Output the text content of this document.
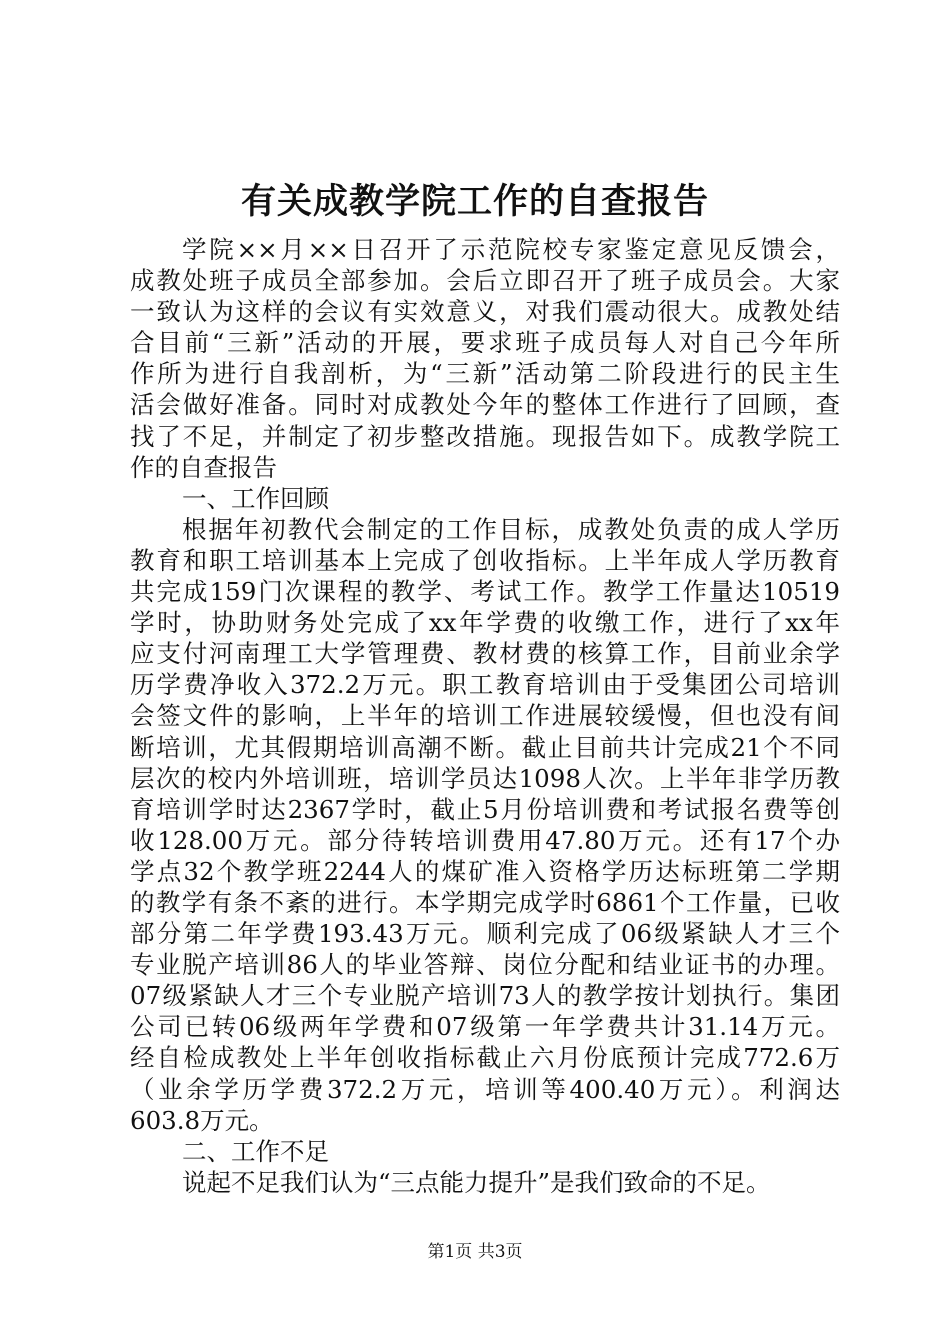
有关成教学院工作的自查报告
学院××月××日召开了示范院校专家鉴定意见反馈会，
成教处班子成员全部参加。会后立即召开了班子成员会。大家
一致认为这样的会议有实效意义，对我们震动很大。成教处结
合目前“三新”活动的开展，要求班子成员每人对自己今年所
作所为进行自我剖析，为“三新”活动第二阶段进行的民主生
活会做好准备。同时对成教处今年的整体工作进行了回顾，查
找了不足，并制定了初步整改措施。现报告如下。成教学院工
作的自查报告
一、工作回顾
根据年初教代会制定的工作目标，成教处负责的成人学历
教育和职工培训基本上完成了创收指标。上半年成人学历教育
共完成159门次课程的教学、考试工作。教学工作量达10519
学时，协助财务处完成了xx年学费的收缴工作，进行了xx年
应支付河南理工大学管理费、教材费的核算工作，目前业余学
历学费净收入372.2万元。职工教育培训由于受集团公司培训
会签文件的影响，上半年的培训工作进展较缓慢，但也没有间
断培训，尤其假期培训高潮不断。截止目前共计完成21个不同
层次的校内外培训班，培训学员达1098人次。上半年非学历教
育培训学时达2367学时，截止5月份培训费和考试报名费等创
收128.00万元。部分待转培训费用47.80万元。还有17个办
学点32个教学班2244人的煤矿准入资格学历达标班第二学期
的教学有条不紊的进行。本学期完成学时6861个工作量，已收
部分第二年学费193.43万元。顺利完成了06级紧缺人才三个
专业脱产培训86人的毕业答辩、岗位分配和结业证书的办理。
07级紧缺人才三个专业脱产培训73人的教学按计划执行。集团
公司已转06级两年学费和07级第一年学费共计31.14万元。
经自检成教处上半年创收指标截止六月份底预计完成772.6万
（业余学历学费372.2万元，培训等400.40万元）。利润达
603.8万元。
二、工作不足
说起不足我们认为“三点能力提升”是我们致命的不足。
第1页 共3页
